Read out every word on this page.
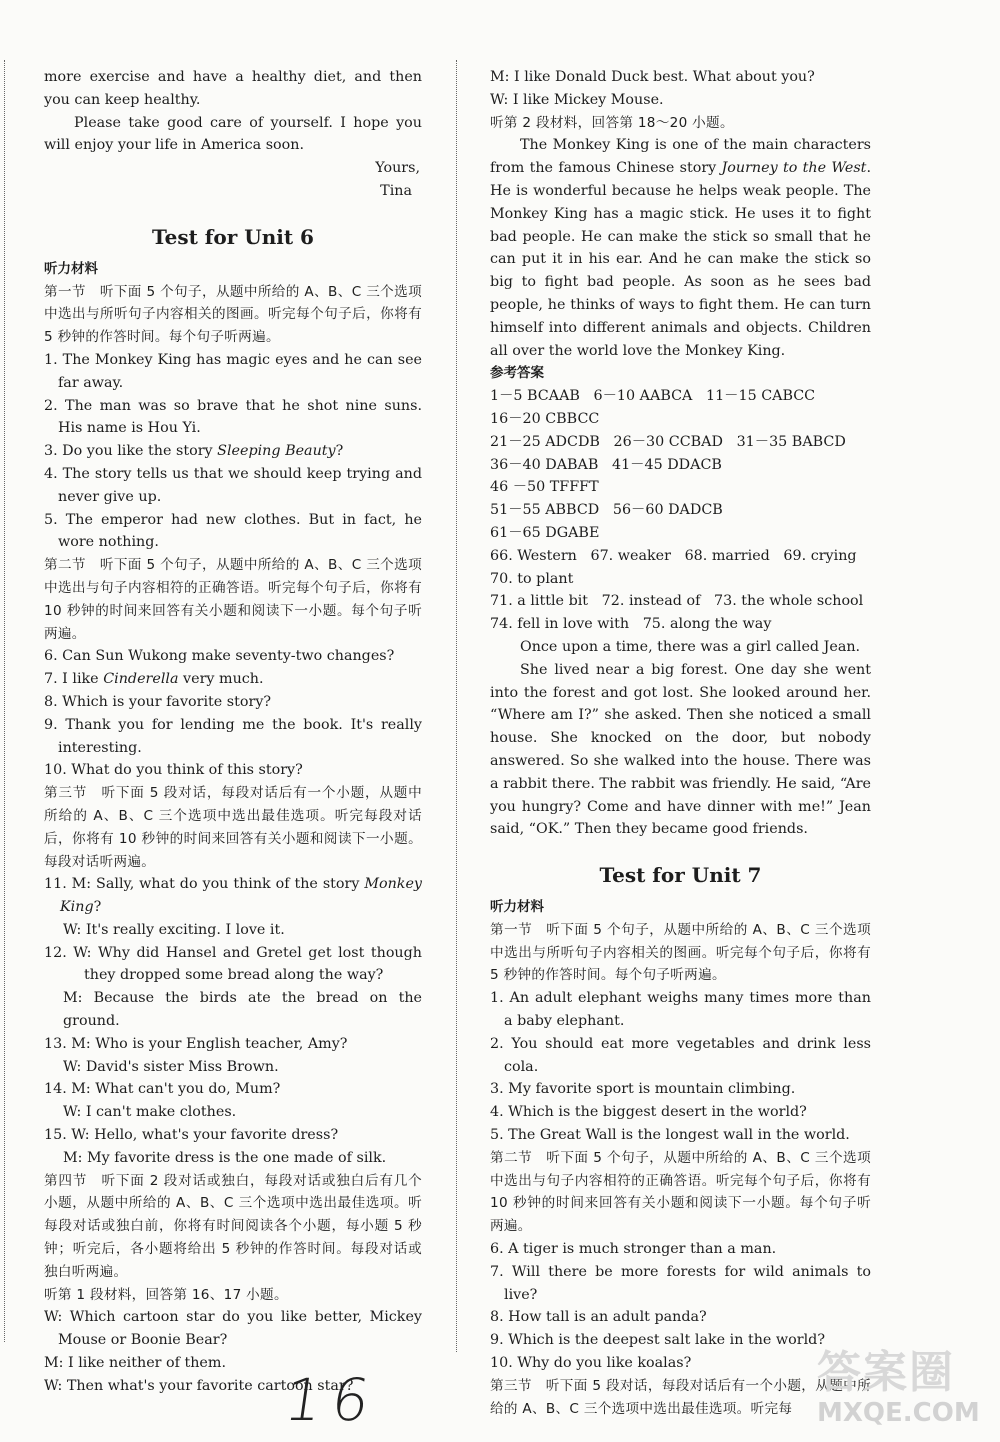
more exercise and have a healthy diet, and then you can keep healthy.

Please take good care of yourself. I hope you will enjoy your life in America soon.

Yours,

Tina

Test for Unit 6
听力材料

第一节　听下面 5 个句子，从题中所给的 A、B、C 三个选项中选出与所听句子内容相关的图画。听完每个句子后，你将有 5 秒钟的作答时间。每个句子听两遍。

1. The Monkey King has magic eyes and he can see far away.

2. The man was so brave that he shot nine suns. His name is Hou Yi.

3. Do you like the story Sleeping Beauty?

4. The story tells us that we should keep trying and never give up.

5. The emperor had new clothes. But in fact, he wore nothing.

第二节　听下面 5 个句子，从题中所给的 A、B、C 三个选项中选出与句子内容相符的正确答语。听完每个句子后，你将有 10 秒钟的时间来回答有关小题和阅读下一小题。每个句子听两遍。

6. Can Sun Wukong make seventy-two changes?

7. I like Cinderella very much.

8. Which is your favorite story?

9. Thank you for lending me the book. It's really interesting.

10. What do you think of this story?

第三节　听下面 5 段对话，每段对话后有一个小题，从题中所给的 A、B、C 三个选项中选出最佳选项。听完每段对话后，你将有 10 秒钟的时间来回答有关小题和阅读下一小题。每段对话听两遍。

11. M: Sally, what do you think of the story Monkey King?

W: It's really exciting. I love it.

12. W: Why did Hansel and Gretel get lost though they dropped some bread along the way?

M: Because the birds ate the bread on the ground.

13. M: Who is your English teacher, Amy?

W: David's sister Miss Brown.

14. M: What can't you do, Mum?

W: I can't make clothes.

15. W: Hello, what's your favorite dress?

M: My favorite dress is the one made of silk.

第四节　听下面 2 段对话或独白，每段对话或独白后有几个小题，从题中所给的 A、B、C 三个选项中选出最佳选项。听每段对话或独白前，你将有时间阅读各个小题，每小题 5 秒钟；听完后，各小题将给出 5 秒钟的作答时间。每段对话或独白听两遍。

听第 1 段材料，回答第 16、17 小题。

W: Which cartoon star do you like better, Mickey Mouse or Boonie Bear?

M: I like neither of them.

W: Then what's your favorite cartoon star?

M: I like Donald Duck best. What about you?

W: I like Mickey Mouse.

听第 2 段材料，回答第 18～20 小题。

The Monkey King is one of the main characters from the famous Chinese story Journey to the West. He is wonderful because he helps weak people. The Monkey King has a magic stick. He uses it to fight bad people. He can make the stick so small that he can put it in his ear. And he can make the stick so big to fight bad people. As soon as he sees bad people, he thinks of ways to fight them. He can turn himself into different animals and objects. Children all over the world love the Monkey King.

参考答案

1－5 BCAAB   6－10 AABCA   11－15 CABCC

16－20 CBBCC

21－25 ADCDB   26－30 CCBAD   31－35 BABCD

36－40 DABAB   41－45 DDACB

46 －50 TFFFT

51－55 ABBCD   56－60 DADCB

61－65 DGABE

66. Western   67. weaker   68. married   69. crying

70. to plant

71. a little bit   72. instead of   73. the whole school

74. fell in love with   75. along the way

Once upon a time, there was a girl called Jean.

She lived near a big forest. One day she went into the forest and got lost. She looked around her. “Where am I?” she asked. Then she noticed a small house. She knocked on the door, but nobody answered. So she walked into the house. There was a rabbit there. The rabbit was friendly. He said, “Are you hungry? Come and have dinner with me!” Jean said, “OK.” Then they became good friends.

Test for Unit 7
听力材料

第一节　听下面 5 个句子，从题中所给的 A、B、C 三个选项中选出与所听句子内容相关的图画。听完每个句子后，你将有 5 秒钟的作答时间。每个句子听两遍。

1. An adult elephant weighs many times more than a baby elephant.

2. You should eat more vegetables and drink less cola.

3. My favorite sport is mountain climbing.

4. Which is the biggest desert in the world?

5. The Great Wall is the longest wall in the world.

第二节　听下面 5 个句子，从题中所给的 A、B、C 三个选项中选出与句子内容相符的正确答语。听完每个句子后，你将有 10 秒钟的时间来回答有关小题和阅读下一小题。每个句子听两遍。

6. A tiger is much stronger than a man.

7. Will there be more forests for wild animals to live?

8. How tall is an adult panda?

9. Which is the deepest salt lake in the world?

10. Why do you like koalas?

第三节　听下面 5 段对话，每段对话后有一个小题，从题中所给的 A、B、C 三个选项中选出最佳选项。听完每

16	答案圈
MXQE.COM
